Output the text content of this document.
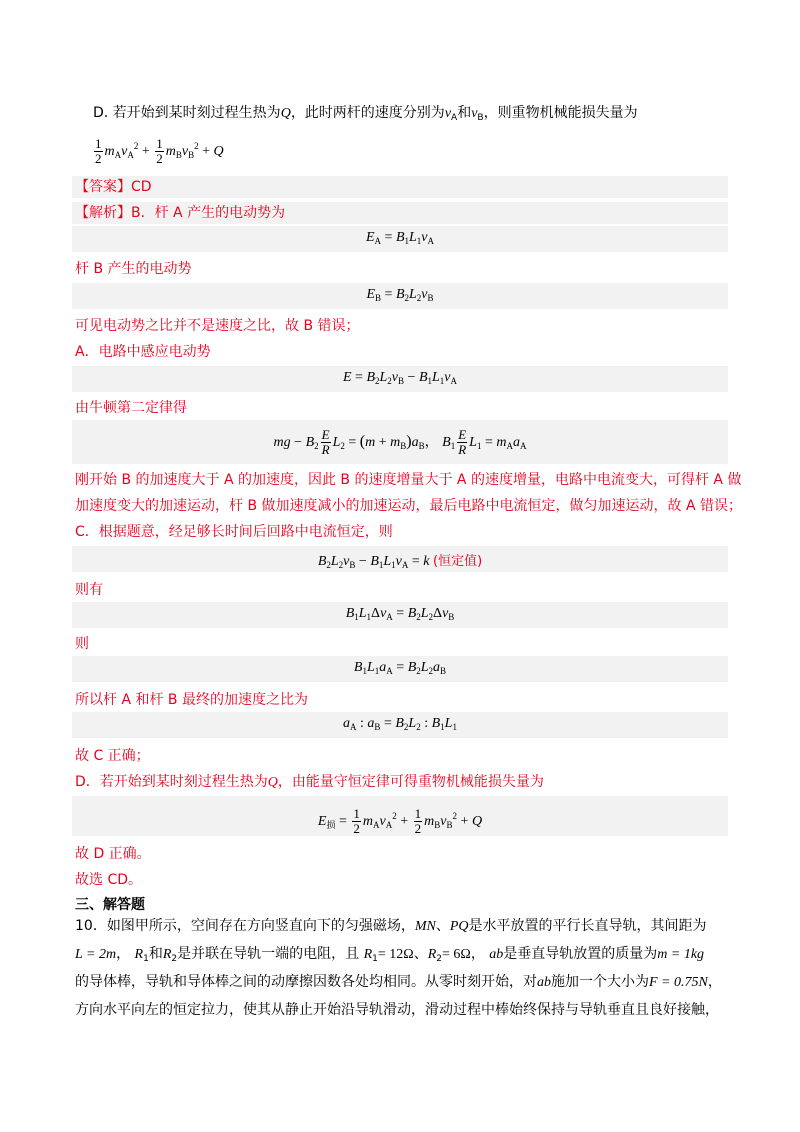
D. 若开始到某时刻过程生热为Q，此时两杆的速度分别为$v_A$和$v_B$，则重物机械能损失量为
$\frac{1}{2} m_Av_A^2 + \frac{1}{2} m_Bv_B^2 + Q$
【答案】CD
【解析】B．杆 A 产生的电动势为
$E_A = B_1L_1v_A$
杆 B 产生的电动势
$E_B = B_2L_2v_B$
可见电动势之比并不是速度之比，故 B 错误；
A．电路中感应电动势
$E = B_2L_2v_B - B_1L_1v_A$
由牛顿第二定律得
mg − $B_2 \frac{E}{R} L_2 = (m + m_B)a_B$， $B_1 \frac{E}{R} L_1 = m_Aa_A$
刚开始 B 的加速度大于 A 的加速度，因此 B 的速度增量大于 A 的速度增量，电路中电流变大，可得杆 A 做
加速度变大的加速运动，杆 B 做加速度减小的加速运动，最后电路中电流恒定，做匀加速运动，故 A 错误；
C．根据题意，经足够长时间后回路中电流恒定，则
$B_2L_2v_B - B_1L_1v_A = k$ (恒定值)
则有
$B_1L_1\Delta v_A = B_2L_2\Delta v_B$
则
$B_1L_1a_A = B_2L_2a_B$
所以杆 A 和杆 B 最终的加速度之比为
$a_A$ : $a_B = B_2L_2$ : $B_1L_1$
故 C 正确；
D．若开始到某时刻过程生热为Q，由能量守恒定律可得重物机械能损失量为
$E_损 = \frac{1}{2} m_Av_A^2 + \frac{1}{2} m_Bv_B^2 + Q$
故 D 正确。
故选 CD。
三、解答题
10．如图甲所示，空间存在方向竖直向下的匀强磁场，MN、PQ是水平放置的平行长直导轨，其间距为
L = 2m， $R_1$和$R_2$是并联在导轨一端的电阻，且 $R_1= 12\Omega$、$R_2= 6\Omega$， ab是垂直导轨放置的质量为m = 1kg
的导体棒，导轨和导体棒之间的动摩擦因数各处均相同。从零时刻开始，对ab施加一个大小为F = 0.75N，
方向水平向左的恒定拉力，使其从静止开始沿导轨滑动，滑动过程中棒始终保持与导轨垂直且良好接触，
